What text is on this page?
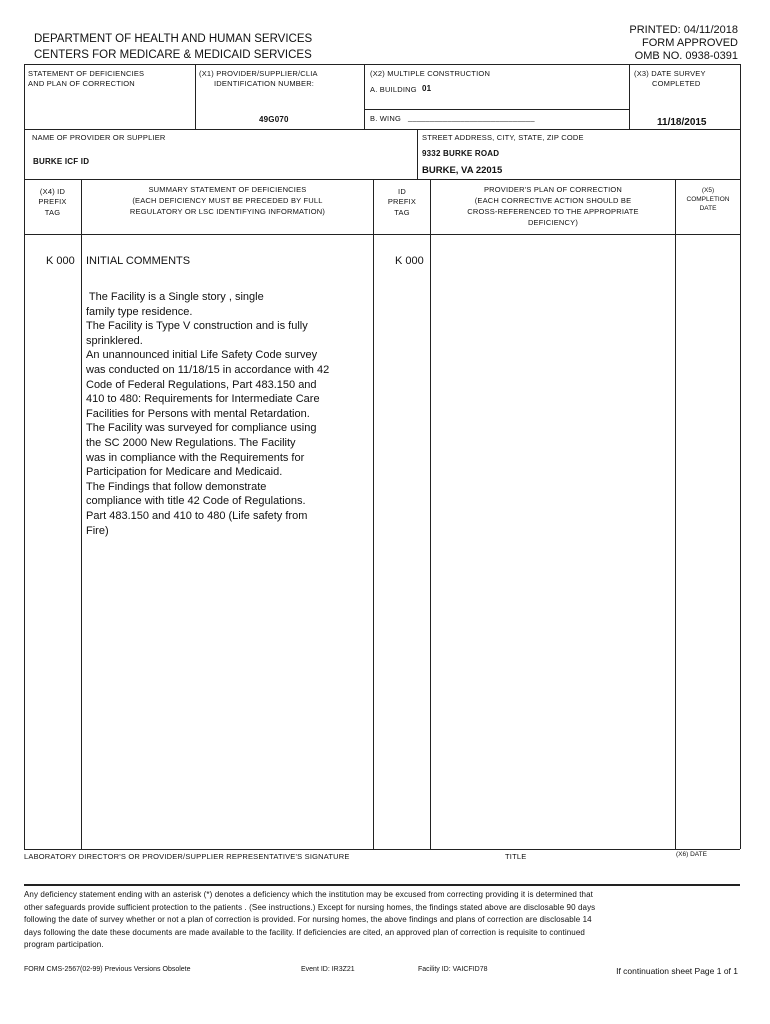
DEPARTMENT OF HEALTH AND HUMAN SERVICES
CENTERS FOR MEDICARE & MEDICAID SERVICES
PRINTED: 04/11/2018
FORM APPROVED
OMB NO. 0938-0391
STATEMENT OF DEFICIENCIES
AND PLAN OF CORRECTION
(X1) PROVIDER/SUPPLIER/CLIA
IDENTIFICATION NUMBER:
49G070
(X2) MULTIPLE CONSTRUCTION
A. BUILDING 01
B. WING _____________________________
(X3) DATE SURVEY
COMPLETED
11/18/2015
NAME OF PROVIDER OR SUPPLIER
BURKE ICF ID
STREET ADDRESS, CITY, STATE, ZIP CODE
9332 BURKE ROAD
BURKE, VA 22015
(X4) ID
PREFIX
TAG
SUMMARY STATEMENT OF DEFICIENCIES
(EACH DEFICIENCY MUST BE PRECEDED BY FULL
REGULATORY OR LSC IDENTIFYING INFORMATION)
ID
PREFIX
TAG
PROVIDER'S PLAN OF CORRECTION
(EACH CORRECTIVE ACTION SHOULD BE
CROSS-REFERENCED TO THE APPROPRIATE
DEFICIENCY)
(X5)
COMPLETION
DATE
K 000 INITIAL COMMENTS	K 000
The Facility is a Single story , single
family type residence.
The Facility is Type V construction and is fully
sprinklered.
An unannounced initial Life Safety Code survey
was conducted on 11/18/15 in accordance with 42
Code of Federal Regulations, Part 483.150 and
410 to 480: Requirements for Intermediate Care
Facilities for Persons with mental Retardation.
The Facility was surveyed for compliance using
the SC 2000 New Regulations. The Facility
was in compliance with the Requirements for
Participation for Medicare and Medicaid.
The Findings that follow demonstrate
compliance with title 42 Code of Regulations.
Part 483.150 and 410 to 480 (Life safety from
Fire)
LABORATORY DIRECTOR'S OR PROVIDER/SUPPLIER REPRESENTATIVE'S SIGNATURE	TITLE	(X6) DATE
Any deficiency statement ending with an asterisk (*) denotes a deficiency which the institution may be excused from correcting providing it is determined that
other safeguards provide sufficient protection to the patients . (See instructions.) Except for nursing homes, the findings stated above are disclosable 90 days
following the date of survey whether or not a plan of correction is provided. For nursing homes, the above findings and plans of correction are disclosable 14
days following the date these documents are made available to the facility. If deficiencies are cited, an approved plan of correction is requisite to continued
program participation.
FORM CMS-2567(02-99) Previous Versions Obsolete	Event ID: IR3Z21	Facility ID: VAICFID78	If continuation sheet Page 1 of 1
